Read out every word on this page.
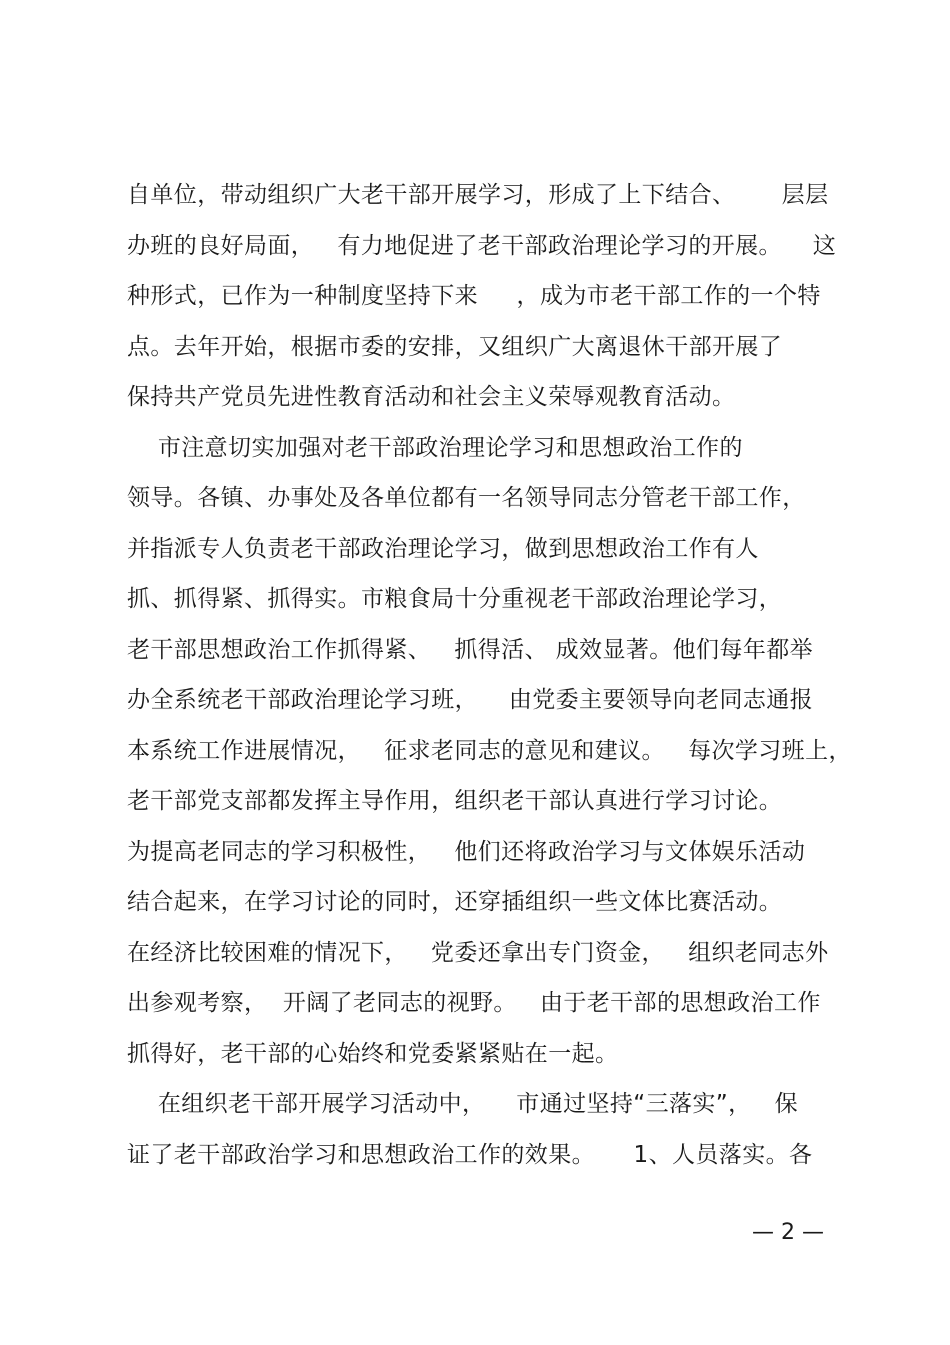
自单位，带动组织广大老干部开展学习，形成了上下结合、      层层
办班的良好局面，   有力地促进了老干部政治理论学习的开展。    这
种形式，已作为一种制度坚持下来     ，成为市老干部工作的一个特
点。去年开始，根据市委的安排，又组织广大离退休干部开展了
保持共产党员先进性教育活动和社会主义荣辱观教育活动。
市注意切实加强对老干部政治理论学习和思想政治工作的
领导。各镇、办事处及各单位都有一名领导同志分管老干部工作，
并指派专人负责老干部政治理论学习，做到思想政治工作有人
抓、抓得紧、抓得实。市粮食局十分重视老干部政治理论学习，
老干部思想政治工作抓得紧、   抓得活、 成效显著。他们每年都举
办全系统老干部政治理论学习班，    由党委主要领导向老同志通报
本系统工作进展情况，   征求老同志的意见和建议。   每次学习班上，
老干部党支部都发挥主导作用，组织老干部认真进行学习讨论。
为提高老同志的学习积极性，   他们还将政治学习与文体娱乐活动
结合起来，在学习讨论的同时，还穿插组织一些文体比赛活动。
在经济比较困难的情况下，   党委还拿出专门资金，   组织老同志外
出参观考察，  开阔了老同志的视野。   由于老干部的思想政治工作
抓得好，老干部的心始终和党委紧紧贴在一起。
在组织老干部开展学习活动中，    市通过坚持“三落实”，   保
证了老干部政治学习和思想政治工作的效果。     1、人员落实。各
— 2 —
